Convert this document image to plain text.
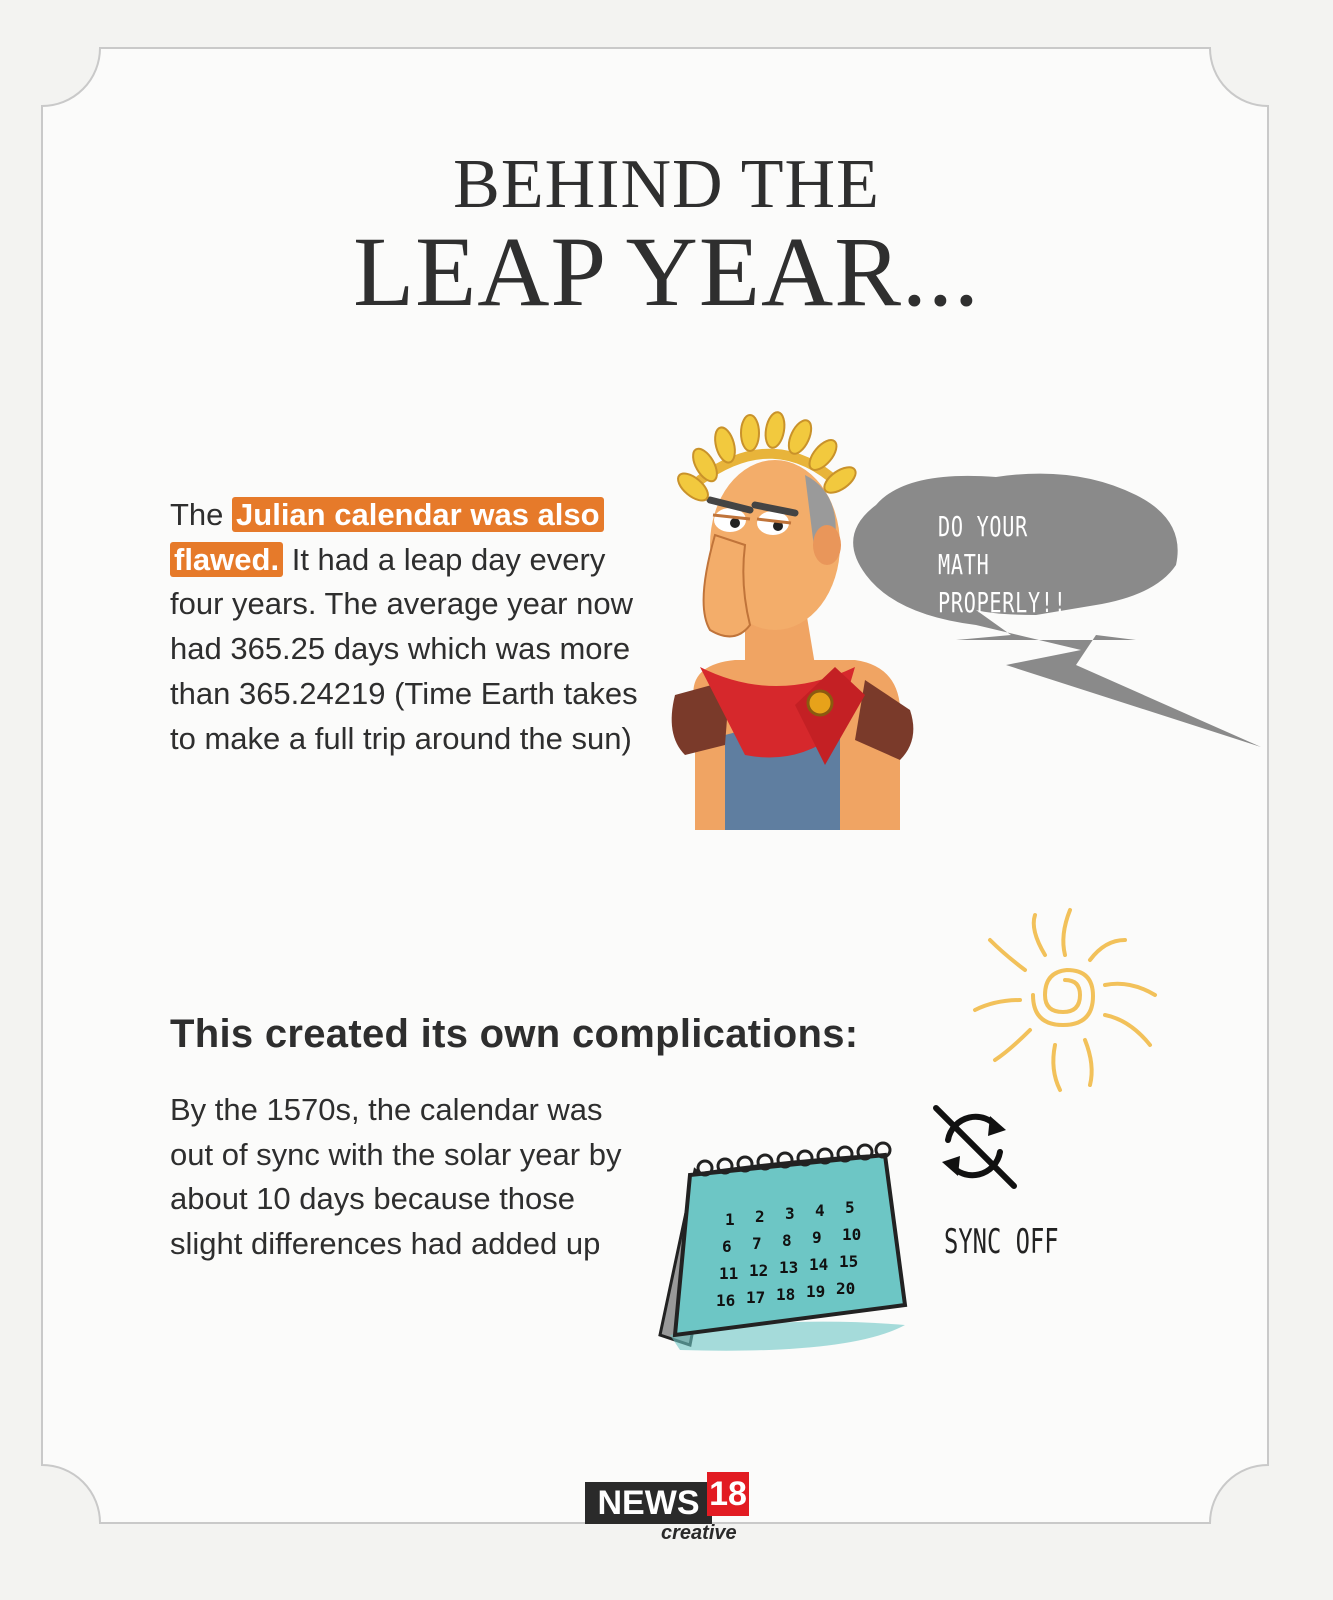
BEHIND THE
LEAP YEAR...
The Julian calendar was also flawed. It had a leap day every four years. The average year now had 365.25 days which was more than 365.24219 (Time Earth takes to make a full trip around the sun)
DO YOUR MATH
PROPERLY!!
This created its own complications:
By the 1570s, the calendar was out of sync with the solar year by about 10 days because those slight differences had added up
1 2 3 4 5
6 7 8 9 10
11 12 13 14 15
16 17 18 19 20
SYNC OFF
NEWS 18
creative
